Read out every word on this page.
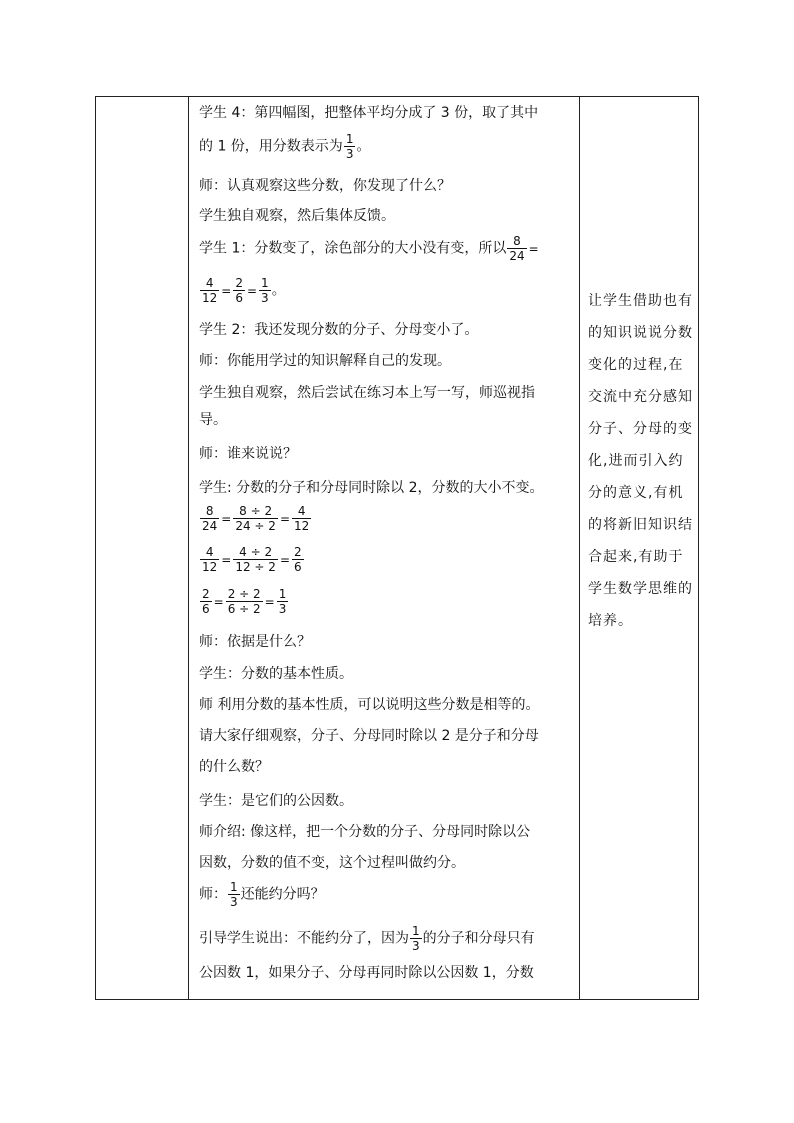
学生 4：第四幅图，把整体平均分成了 3 份，取了其中
的 1 份，用分数表示为 $\frac{1}{3}$ 。
师：认真观察这些分数，你发现了什么？
学生独自观察，然后集体反馈。
学生 1：分数变了，涂色部分的大小没有变，所以 $\frac{8}{24}$ =
$\frac{4}{12} = \frac{2}{6} = \frac{1}{3}$ 。
学生 2：我还发现分数的分子、分母变小了。
师：你能用学过的知识解释自己的发现。
学生独自观察，然后尝试在练习本上写一写，师巡视指
导。
师：谁来说说？
学生: 分数的分子和分母同时除以 2，分数的大小不变。
$\frac{8}{24} = \frac{8 \div 2}{24 \div 2} = \frac{4}{12}$
$\frac{4}{12} = \frac{4 \div 2}{12 \div 2} = \frac{2}{6}$
$\frac{2}{6} = \frac{2 \div 2}{6 \div 2} = \frac{1}{3}$
师：依据是什么？
学生：分数的基本性质。
师 利用分数的基本性质，可以说明这些分数是相等的。
请大家仔细观察，分子、分母同时除以 2 是分子和分母
的什么数？
学生：是它们的公因数。
师介绍: 像这样，把一个分数的分子、分母同时除以公
因数，分数的值不变，这个过程叫做约分。
师： $\frac{1}{3}$ 还能约分吗？
引导学生说出：不能约分了，因为 $\frac{1}{3}$ 的分子和分母只有
公因数 1，如果分子、分母再同时除以公因数 1，分数
让学生借助也有的知识说说分数变化的过程,在交流中充分感知分子、分母的变化,进而引入约分的意义,有机的将新旧知识结合起来,有助于学生数学思维的培养。
